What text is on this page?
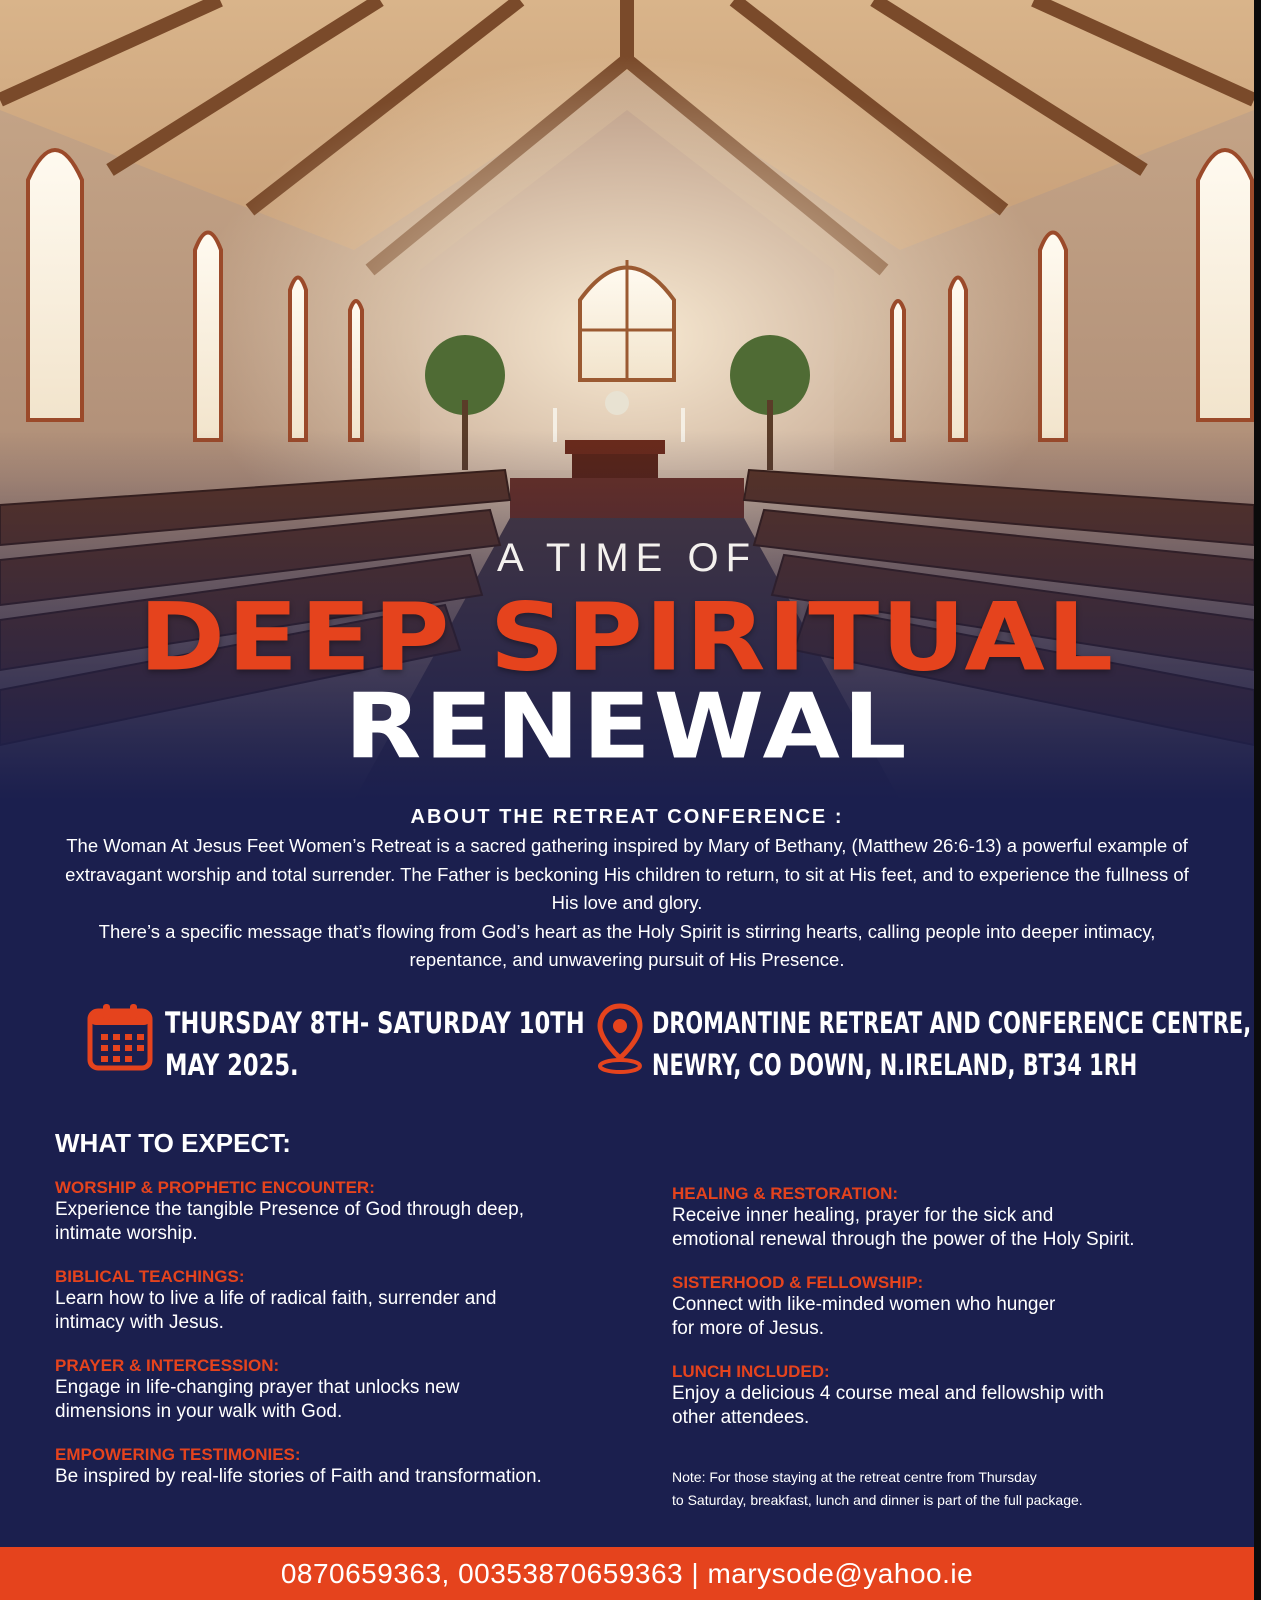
A TIME OF
DEEP SPIRITUAL
RENEWAL
ABOUT THE RETREAT CONFERENCE :

The Woman At Jesus Feet Women’s Retreat is a sacred gathering inspired by Mary of Bethany, (Matthew 26:6-13) a powerful example of extravagant worship and total surrender. The Father is beckoning His children to return, to sit at His feet, and to experience the fullness of His love and glory.

There’s a specific message that’s flowing from God’s heart as the Holy Spirit is stirring hearts, calling people into deeper intimacy, repentance, and unwavering pursuit of His Presence.

THURSDAY 8TH- SATURDAY 10TH
MAY 2025.
DROMANTINE RETREAT AND CONFERENCE CENTRE,
NEWRY, CO DOWN, N.IRELAND, BT34 1RH
WHAT TO EXPECT:
WORSHIP & PROPHETIC ENCOUNTER:
Experience the tangible Presence of God through deep,
intimate worship.
BIBLICAL TEACHINGS:
Learn how to live a life of radical faith, surrender and
intimacy with Jesus.
PRAYER & INTERCESSION:
Engage in life-changing prayer that unlocks new
dimensions in your walk with God.
EMPOWERING TESTIMONIES:
Be inspired by real-life stories of Faith and transformation.
HEALING & RESTORATION:
Receive inner healing, prayer for the sick and
emotional renewal through the power of the Holy Spirit.
SISTERHOOD & FELLOWSHIP:
Connect with like-minded women who hunger
for more of Jesus.
LUNCH INCLUDED:
Enjoy a delicious 4 course meal and fellowship with
other attendees.
Note: For those staying at the retreat centre from Thursday
to Saturday, breakfast, lunch and dinner is part of the full package.
0870659363, 00353870659363 | marysode@yahoo.ie
